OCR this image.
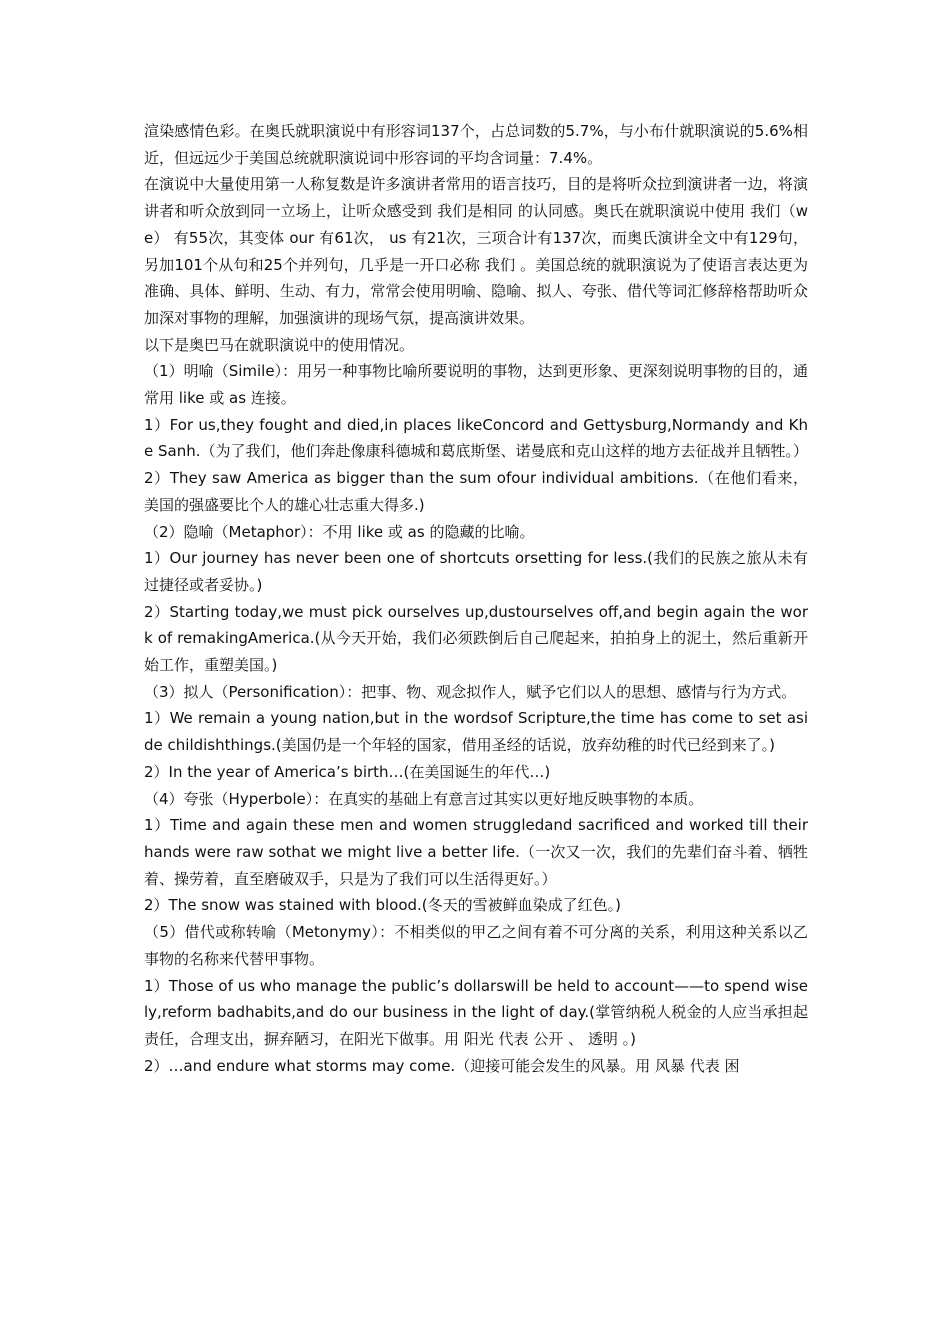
渲染感情色彩。在奥氏就职演说中有形容词137个，占总词数的5.7%，与小布什就职演说的5.6%相近，但远远少于美国总统就职演说词中形容词的平均含词量：7.4%。

在演说中大量使用第一人称复数是许多演讲者常用的语言技巧，目的是将听众拉到演讲者一边，将演讲者和听众放到同一立场上，让听众感受到 我们是相同 的认同感。奥氏在就职演说中使用 我们（we） 有55次，其变体 our 有61次， us 有21次，三项合计有137次，而奥氏演讲全文中有129句，另加101个从句和25个并列句，几乎是一开口必称 我们 。美国总统的就职演说为了使语言表达更为准确、具体、鲜明、生动、有力，常常会使用明喻、隐喻、拟人、夸张、借代等词汇修辞格帮助听众加深对事物的理解，加强演讲的现场气氛，提高演讲效果。

以下是奥巴马在就职演说中的使用情况。

（1）明喻（Simile）：用另一种事物比喻所要说明的事物，达到更形象、更深刻说明事物的目的，通常用 like 或 as 连接。

1）For us,they fought and died,in places likeConcord and Gettysburg,Normandy and Khe Sanh.（为了我们，他们奔赴像康科德城和葛底斯堡、诺曼底和克山这样的地方去征战并且牺牲。）

2）They saw America as bigger than the sum ofour individual ambitions.（在他们看来，美国的强盛要比个人的雄心壮志重大得多.)

（2）隐喻（Metaphor）：不用 like 或 as 的隐藏的比喻。

1）Our journey has never been one of shortcuts orsetting for less.(我们的民族之旅从未有过捷径或者妥协。)

2）Starting today,we must pick ourselves up,dustourselves off,and begin again the work of remakingAmerica.(从今天开始，我们必须跌倒后自己爬起来，拍拍身上的泥土，然后重新开始工作，重塑美国。)

（3）拟人（Personification）：把事、物、观念拟作人，赋予它们以人的思想、感情与行为方式。

1）We remain a young nation,but in the wordsof Scripture,the time has come to set aside childishthings.(美国仍是一个年轻的国家，借用圣经的话说，放弃幼稚的时代已经到来了。)

2）In the year of America’s birth…(在美国诞生的年代…)

（4）夸张（Hyperbole）：在真实的基础上有意言过其实以更好地反映事物的本质。

1）Time and again these men and women struggledand sacrificed and worked till their hands were raw sothat we might live a better life.（一次又一次，我们的先辈们奋斗着、牺牲着、操劳着，直至磨破双手，只是为了我们可以生活得更好。）

2）The snow was stained with blood.(冬天的雪被鲜血染成了红色。)

（5）借代或称转喻（Metonymy）：不相类似的甲乙之间有着不可分离的关系，利用这种关系以乙事物的名称来代替甲事物。

1）Those of us who manage the public’s dollarswill be held to account——to spend wisely,reform badhabits,and do our business in the light of day.(掌管纳税人税金的人应当承担起责任，合理支出，摒弃陋习，在阳光下做事。用 阳光 代表 公开 、 透明 。)

2）…and endure what storms may come.（迎接可能会发生的风暴。用 风暴 代表 困
